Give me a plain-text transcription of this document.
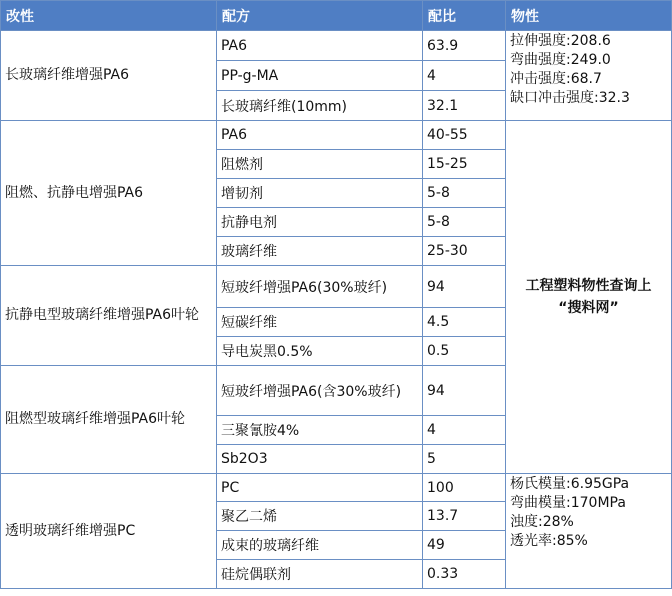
改性	配方	配比	物性
长玻璃纤维增强PA6	PA6	63.9	拉伸强度:208.6
弯曲强度:249.0
冲击强度:68.7
缺口冲击强度:32.3

	PP-g-MA	4	
	长玻璃纤维(10mm)	32.1	
阻燃、抗静电增强PA6	PA6	40-55	工程塑料物性查询上
“搜料网”

	阻燃剂	15-25	
	增韧剂	5-8	
	抗静电剂	5-8	
	玻璃纤维	25-30	
抗静电型玻璃纤维增强PA6叶轮	短玻纤增强PA6(30%玻纤)	94	
	短碳纤维	4.5	
	导电炭黑0.5%	0.5	
阻燃型玻璃纤维增强PA6叶轮	短玻纤增强PA6(含30%玻纤)	94	
	三聚氰胺4%	4	
	Sb2O3	5	
透明玻璃纤维增强PC	PC	100	杨氏模量:6.95GPa
弯曲模量:170MPa
浊度:28%
透光率:85%

	聚乙二烯	13.7	
	成束的玻璃纤维	49	
	硅烷偶联剂	0.33	
